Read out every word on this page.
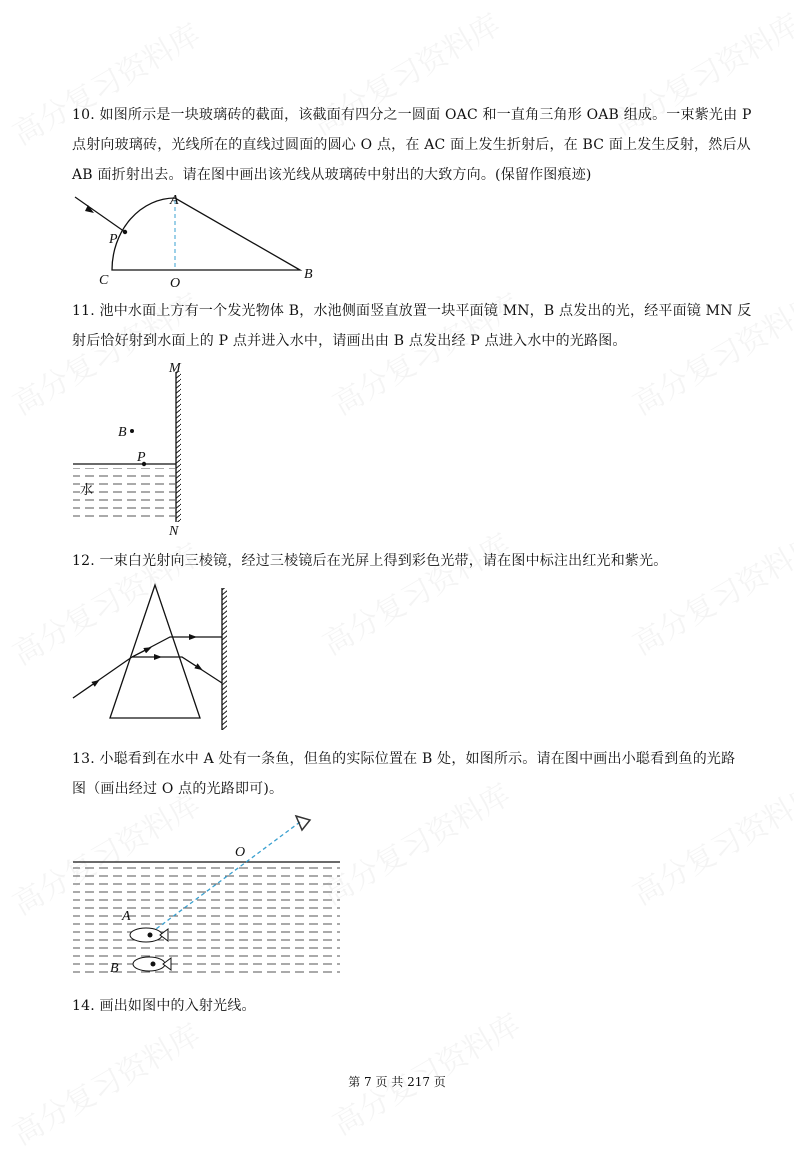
10. 如图所示是一块玻璃砖的截面，该截面有四分之一圆面 OAC 和一直角三角形 OAB 组成。一束紫光由 P
点射向玻璃砖，光线所在的直线过圆面的圆心 O 点，在 AC 面上发生折射后，在 BC 面上发生反射，然后从
AB 面折射出去。请在图中画出该光线从玻璃砖中射出的大致方向。(保留作图痕迹)
11. 池中水面上方有一个发光物体 B，水池侧面竖直放置一块平面镜 MN，B 点发出的光，经平面镜 MN 反
射后恰好射到水面上的 P 点并进入水中，请画出由 B 点发出经 P 点进入水中的光路图。
12. 一束白光射向三棱镜，经过三棱镜后在光屏上得到彩色光带，请在图中标注出红光和紫光。
13. 小聪看到在水中 A 处有一条鱼，但鱼的实际位置在 B 处，如图所示。请在图中画出小聪看到鱼的光路
图（画出经过 O 点的光路即可)。
14. 画出如图中的入射光线。
A
P
C	O
B
M
N
B
P
水
O
A
B
第 7 页 共 217 页
